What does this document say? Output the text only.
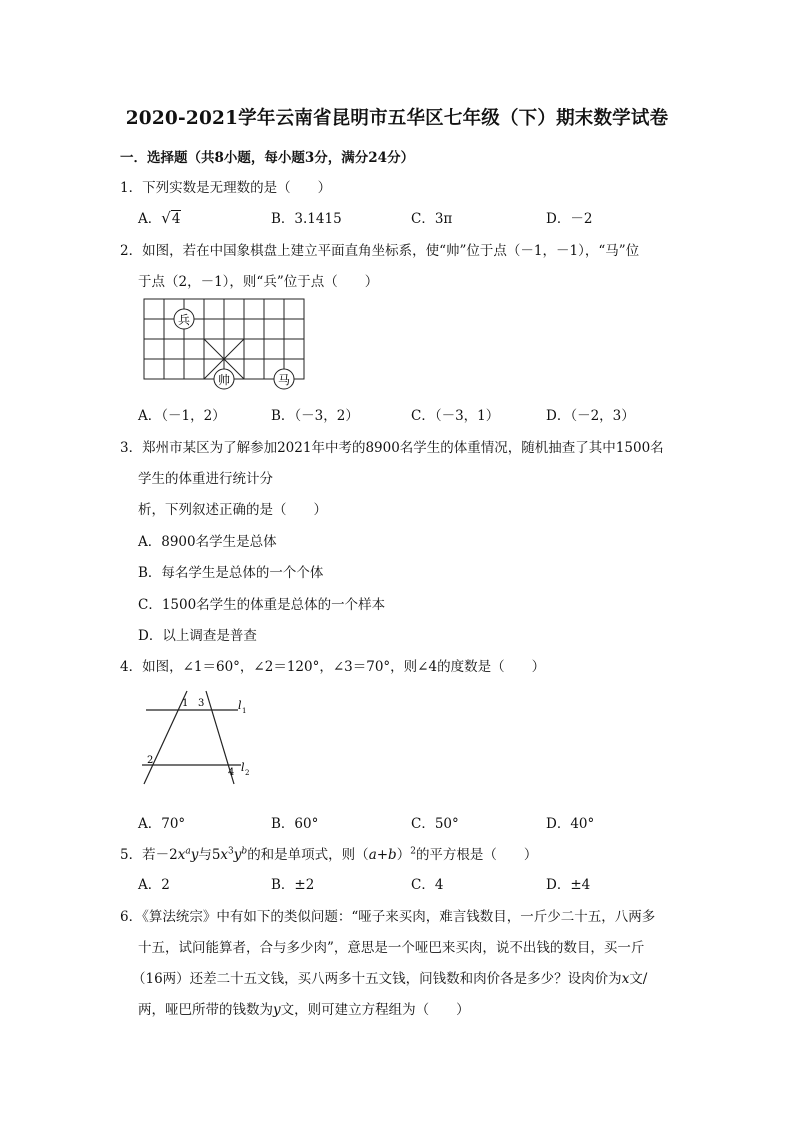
2020-2021学年云南省昆明市五华区七年级（下）期末数学试卷
一．选择题（共8小题，每小题3分，满分24分）
1．下列实数是无理数的是（　　）
A．√4	B．3.1415	C．3π	D．－2
2．如图，若在中国象棋盘上建立平面直角坐标系，使“帅”位于点（－1，－1），“马”位
于点（2，－1），则“兵”位于点（　　）
兵
帅	马
A．（－1，2）	B．（－3，2）	C．（－3，1）	D．（－2，3）
3．郑州市某区为了解参加2021年中考的8900名学生的体重情况，随机抽查了其中1500名
学生的体重进行统计分
析，下列叙述正确的是（　　）
A．8900名学生是总体
B．每名学生是总体的一个个体
C．1500名学生的体重是总体的一个样本
D．以上调查是普查
4．如图，∠1＝60°，∠2＝120°，∠3＝70°，则∠4的度数是（　　）
1 3
2
4
l 1
l 2
A．70°	B．60°	C．50°	D．40°
5．若$-2x^ay$与$5x^3y^b$的和是单项式，则$(a+b)^2$的平方根是（　　）
A．2	B．±2	C．4	D．±4
6．《算法统宗》中有如下的类似问题：“哑子来买肉，难言钱数目，一斤少二十五，八两多
十五，试问能算者，合与多少肉”，意思是一个哑巴来买肉，说不出钱的数目，买一斤
（16两）还差二十五文钱，买八两多十五文钱，问钱数和肉价各是多少？设肉价为x文/
两，哑巴所带的钱数为y文，则可建立方程组为（　　）
